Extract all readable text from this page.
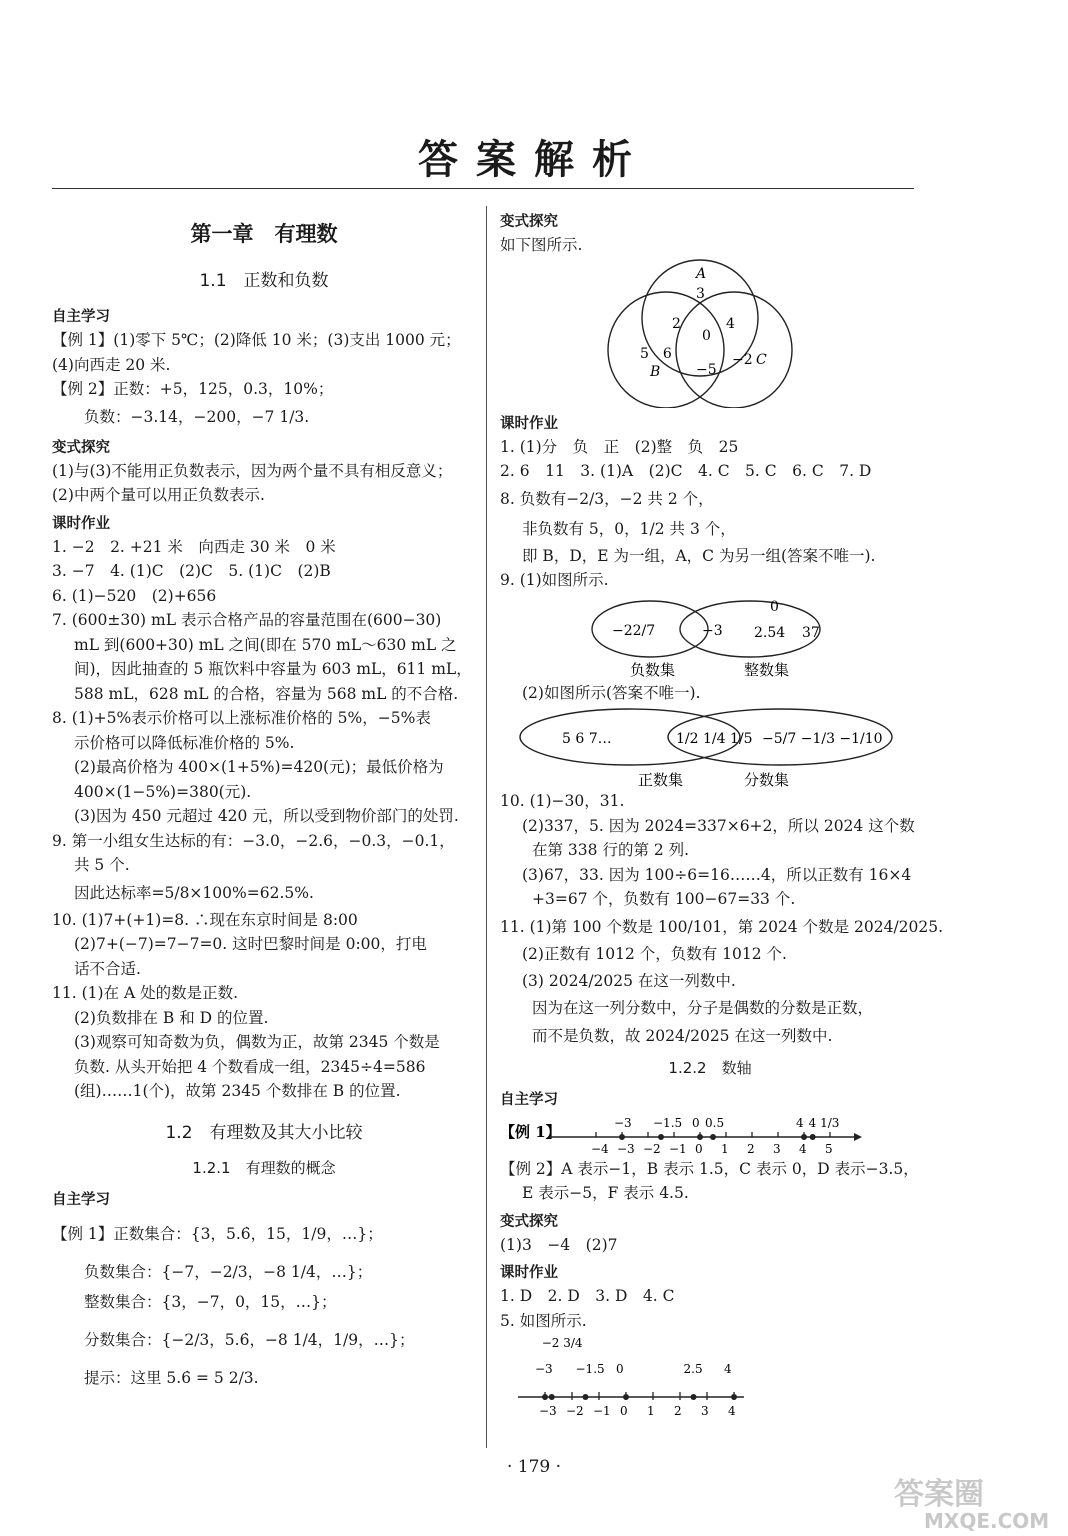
答案解析
第一章　有理数
1.1　正数和负数
自主学习
【例 1】(1)零下 5℃；(2)降低 10 米；(3)支出 1000 元；
(4)向西走 20 米.
【例 2】正数：+5，125，0.3，10%；
负数：−3.14，−200，−7 1/3.
变式探究
(1)与(3)不能用正负数表示，因为两个量不具有相反意义；
(2)中两个量可以用正负数表示.
课时作业
1. −2　2. +21 米　向西走 30 米　0 米
3. −7　4. (1)C　(2)C　5. (1)C　(2)B
6. (1)−520　(2)+656
7. (600±30) mL 表示合格产品的容量范围在(600−30)
mL 到(600+30) mL 之间(即在 570 mL～630 mL 之
间)，因此抽查的 5 瓶饮料中容量为 603 mL，611 mL，
588 mL，628 mL 的合格，容量为 568 mL 的不合格.
8. (1)+5%表示价格可以上涨标准价格的 5%，−5%表
示价格可以降低标准价格的 5%.
(2)最高价格为 400×(1+5%)=420(元)；最低价格为
400×(1−5%)=380(元).
(3)因为 450 元超过 420 元，所以受到物价部门的处罚.
9. 第一小组女生达标的有：−3.0，−2.6，−0.3，−0.1，
共 5 个.
因此达标率=5/8×100%=62.5%.
10. (1)7+(+1)=8. ∴现在东京时间是 8:00
(2)7+(−7)=7−7=0. 这时巴黎时间是 0:00，打电
话不合适.
11. (1)在 A 处的数是正数.
(2)负数排在 B 和 D 的位置.
(3)观察可知奇数为负，偶数为正，故第 2345 个数是
负数. 从头开始把 4 个数看成一组，2345÷4=586
(组)……1(个)，故第 2345 个数排在 B 的位置.
1.2　有理数及其大小比较
1.2.1　有理数的概念
自主学习
【例 1】正数集合：{3，5.6̇，15，1/9，…}；
负数集合：{−7，−2/3，−8 1/4，…}；
整数集合：{3，−7，0，15，…}；
分数集合：{−2/3，5.6̇，−8 1/4，1/9，…}；
提示：这里 5.6̇ = 5 2/3.
变式探究
如下图所示.
A
3
2	4
0
5　6
B	−5
−2 C
课时作业
1. (1)分　负　正　(2)整　负　25
2. 6　11　3. (1)A　(2)C　4. C　5. C　6. C　7. D
8. 负数有−2/3，−2 共 2 个，
非负数有 5，0，1/2 共 3 个，
即 B，D，E 为一组，A，C 为另一组(答案不唯一).
9. (1)如图所示.
−22/7	−3
0
2.54 37
负数集	整数集
(2)如图所示(答案不唯一).
5 6 7…	1/2 1/4 1/5 −5/7 −1/3 −1/10
正数集	分数集
10. (1)−30，31.
(2)337，5. 因为 2024=337×6+2，所以 2024 这个数
在第 338 行的第 2 列.
(3)67，33. 因为 100÷6=16……4，所以正数有 16×4
+3=67 个，负数有 100−67=33 个.
11. (1)第 100 个数是 100/101，第 2024 个数是 2024/2025.
(2)正数有 1012 个，负数有 1012 个.
(3) 2024/2025 在这一列数中.
因为在这一列分数中，分子是偶数的分数是正数，
而不是负数，故 2024/2025 在这一列数中.
1.2.2　数轴
自主学习
【例 1】
−4 −3 −2 −1 0 1 2 3 4 5
−3 −1.5 0 0.5	4 4 1/3
【例 2】A 表示−1，B 表示 1.5，C 表示 0，D 表示−3.5，
E 表示−5，F 表示 4.5.
变式探究
(1)3　−4　(2)7
课时作业
1. D　2. D　3. D　4. C
5. 如图所示.
−3 −2 −1 0 1 2 3 4
−2 3/4
−3 −1.5 0	2.5 4
· 179 ·
答案圈
MXQE.COM
